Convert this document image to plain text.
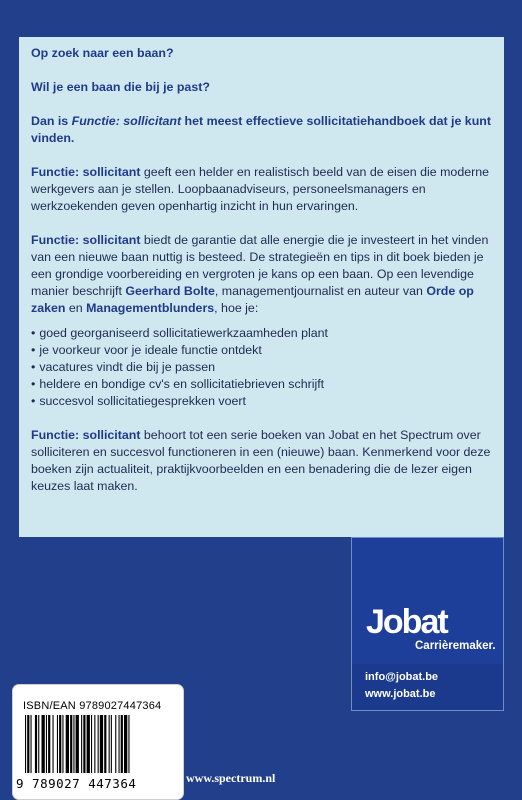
Op zoek naar een baan?

Wil je een baan die bij je past?

Dan is Functie: sollicitant het meest effectieve sollicitatiehandboek dat je kunt vinden.

Functie: sollicitant geeft een helder en realistisch beeld van de eisen die moderne werkgevers aan je stellen. Loopbaanadviseurs, personeelsmanagers en werkzoekenden geven openhartig inzicht in hun ervaringen.

Functie: sollicitant biedt de garantie dat alle energie die je investeert in het vinden van een nieuwe baan nuttig is besteed. De strategieën en tips in dit boek bieden je een grondige voorbereiding en vergroten je kans op een baan. Op een levendige manier beschrijft Geerhard Bolte, managementjournalist en auteur van Orde op zaken en Managementblunders, hoe je:

• goed georganiseerd sollicitatiewerkzaamheden plant
• je voorkeur voor je ideale functie ontdekt
• vacatures vindt die bij je passen
• heldere en bondige cv's en sollicitatiebrieven schrijft
• succesvol sollicitatiegesprekken voert

Functie: sollicitant behoort tot een serie boeken van Jobat en het Spectrum over solliciteren en succesvol functioneren in een (nieuwe) baan. Kenmerkend voor deze boeken zijn actualiteit, praktijkvoorbeelden en een benadering die de lezer eigen keuzes laat maken.

Jobat
Carrièremaker.
info@jobat.be
www.jobat.be
ISBN/EAN 9789027447364
9 789027 447364	www.spectrum.nl
